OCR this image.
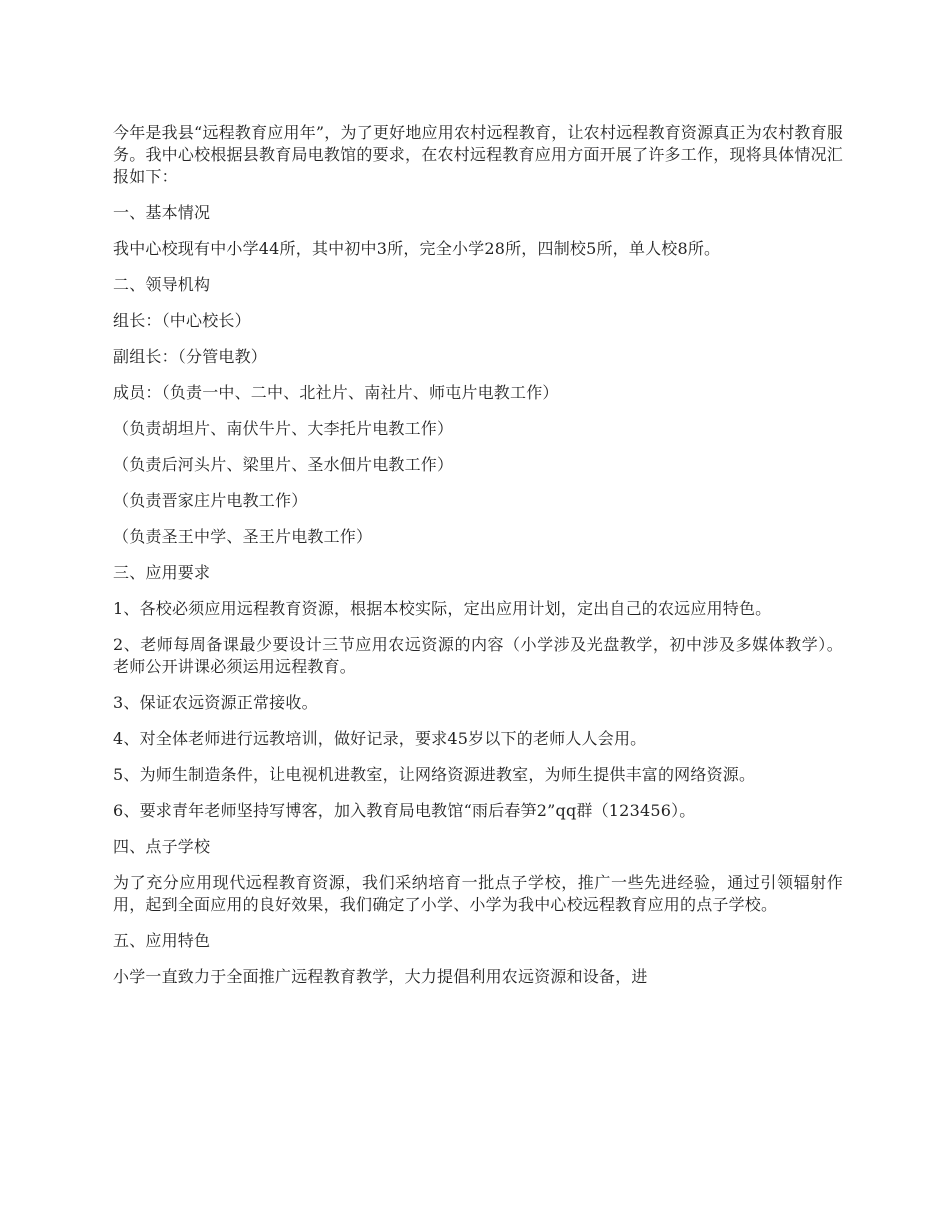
今年是我县“远程教育应用年”，为了更好地应用农村远程教育，让农村远程教育资源真正为农村教育服务。我中心校根据县教育局电教馆的要求，在农村远程教育应用方面开展了许多工作，现将具体情况汇报如下：

一、基本情况

我中心校现有中小学44所，其中初中3所，完全小学28所，四制校5所，单人校8所。

二、领导机构

组长：（中心校长）

副组长：（分管电教）

成员：（负责一中、二中、北社片、南社片、师屯片电教工作）

（负责胡坦片、南伏牛片、大李托片电教工作）

（负责后河头片、梁里片、圣水佃片电教工作）

（负责晋家庄片电教工作）

（负责圣王中学、圣王片电教工作）

三、应用要求

1、各校必须应用远程教育资源，根据本校实际，定出应用计划，定出自己的农远应用特色。

2、老师每周备课最少要设计三节应用农远资源的内容（小学涉及光盘教学，初中涉及多媒体教学）。老师公开讲课必须运用远程教育。

3、保证农远资源正常接收。

4、对全体老师进行远教培训，做好记录，要求45岁以下的老师人人会用。

5、为师生制造条件，让电视机进教室，让网络资源进教室，为师生提供丰富的网络资源。

6、要求青年老师坚持写博客，加入教育局电教馆“雨后春笋2”qq群（123456）。

四、点子学校

为了充分应用现代远程教育资源，我们采纳培育一批点子学校，推广一些先进经验，通过引领辐射作用，起到全面应用的良好效果，我们确定了小学、小学为我中心校远程教育应用的点子学校。

五、应用特色

小学一直致力于全面推广远程教育教学，大力提倡利用农远资源和设备，进
